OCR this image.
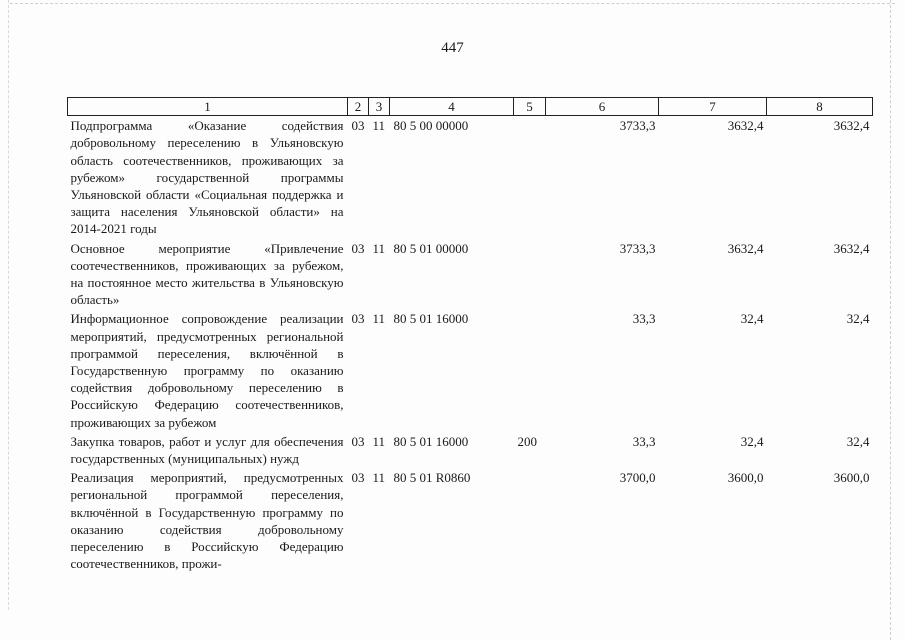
447
1	2	3	4	5	6	7	8
Подпрограмма «Оказание содействия добровольному переселению в Ульяновскую область соотечественников, проживающих за рубежом» государственной программы Ульяновской области «Социальная поддержка и защита населения Ульяновской области» на 2014-2021 годы	03	11	80 5 00 00000		3733,3	3632,4	3632,4
Основное мероприятие «Привлечение соотечественников, проживающих за рубежом, на постоянное место жительства в Ульяновскую область»	03	11	80 5 01 00000		3733,3	3632,4	3632,4
Информационное сопровождение реализации мероприятий, предусмотренных региональной программой переселения, включённой в Государственную программу по оказанию содействия добровольному переселению в Российскую Федерацию соотечественников, проживающих за рубежом	03	11	80 5 01 16000		33,3	32,4	32,4
Закупка товаров, работ и услуг для обеспечения государственных (муниципальных) нужд	03	11	80 5 01 16000	200	33,3	32,4	32,4
Реализация мероприятий, предусмотренных региональной программой переселения, включённой в Государственную программу по оказанию содействия добровольному переселению в Российскую Федерацию соотечественников, прожи-	03	11	80 5 01 R0860		3700,0	3600,0	3600,0
